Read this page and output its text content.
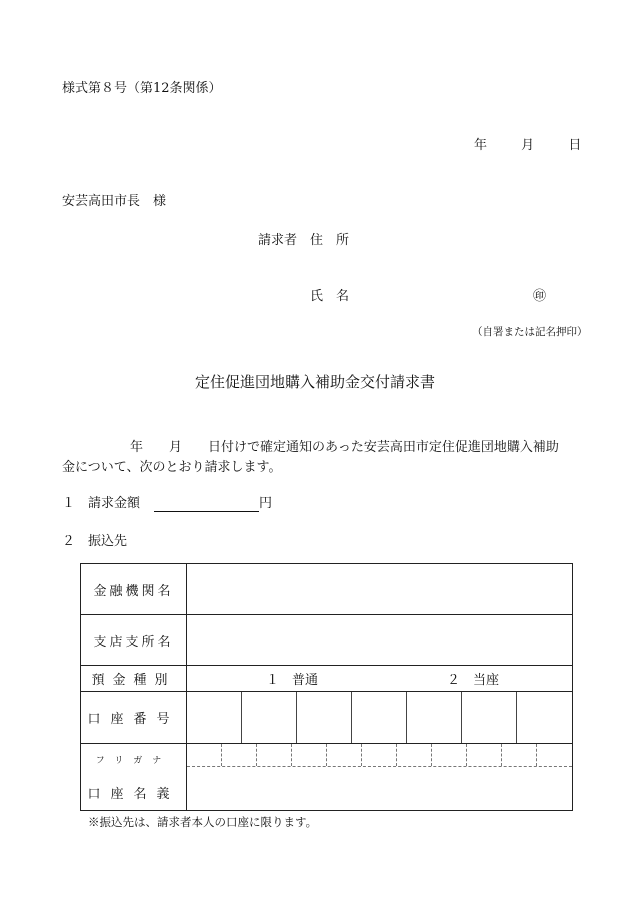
様式第８号（第12条関係）
年	月	日
安芸高田市長　様
請求者　住　所
氏　名	㊞
（自署または記名押印）
定住促進団地購入補助金交付請求書
年　　月　　日付けで確定通知のあった安芸高田市定住促進団地購入補助
金について、次のとおり請求します。
１　請求金額	円
２　振込先
金融機関名
支店支所名
預金種別	１　普通	２　当座
口座番号
フリガナ
口座名義
※振込先は、請求者本人の口座に限ります。
